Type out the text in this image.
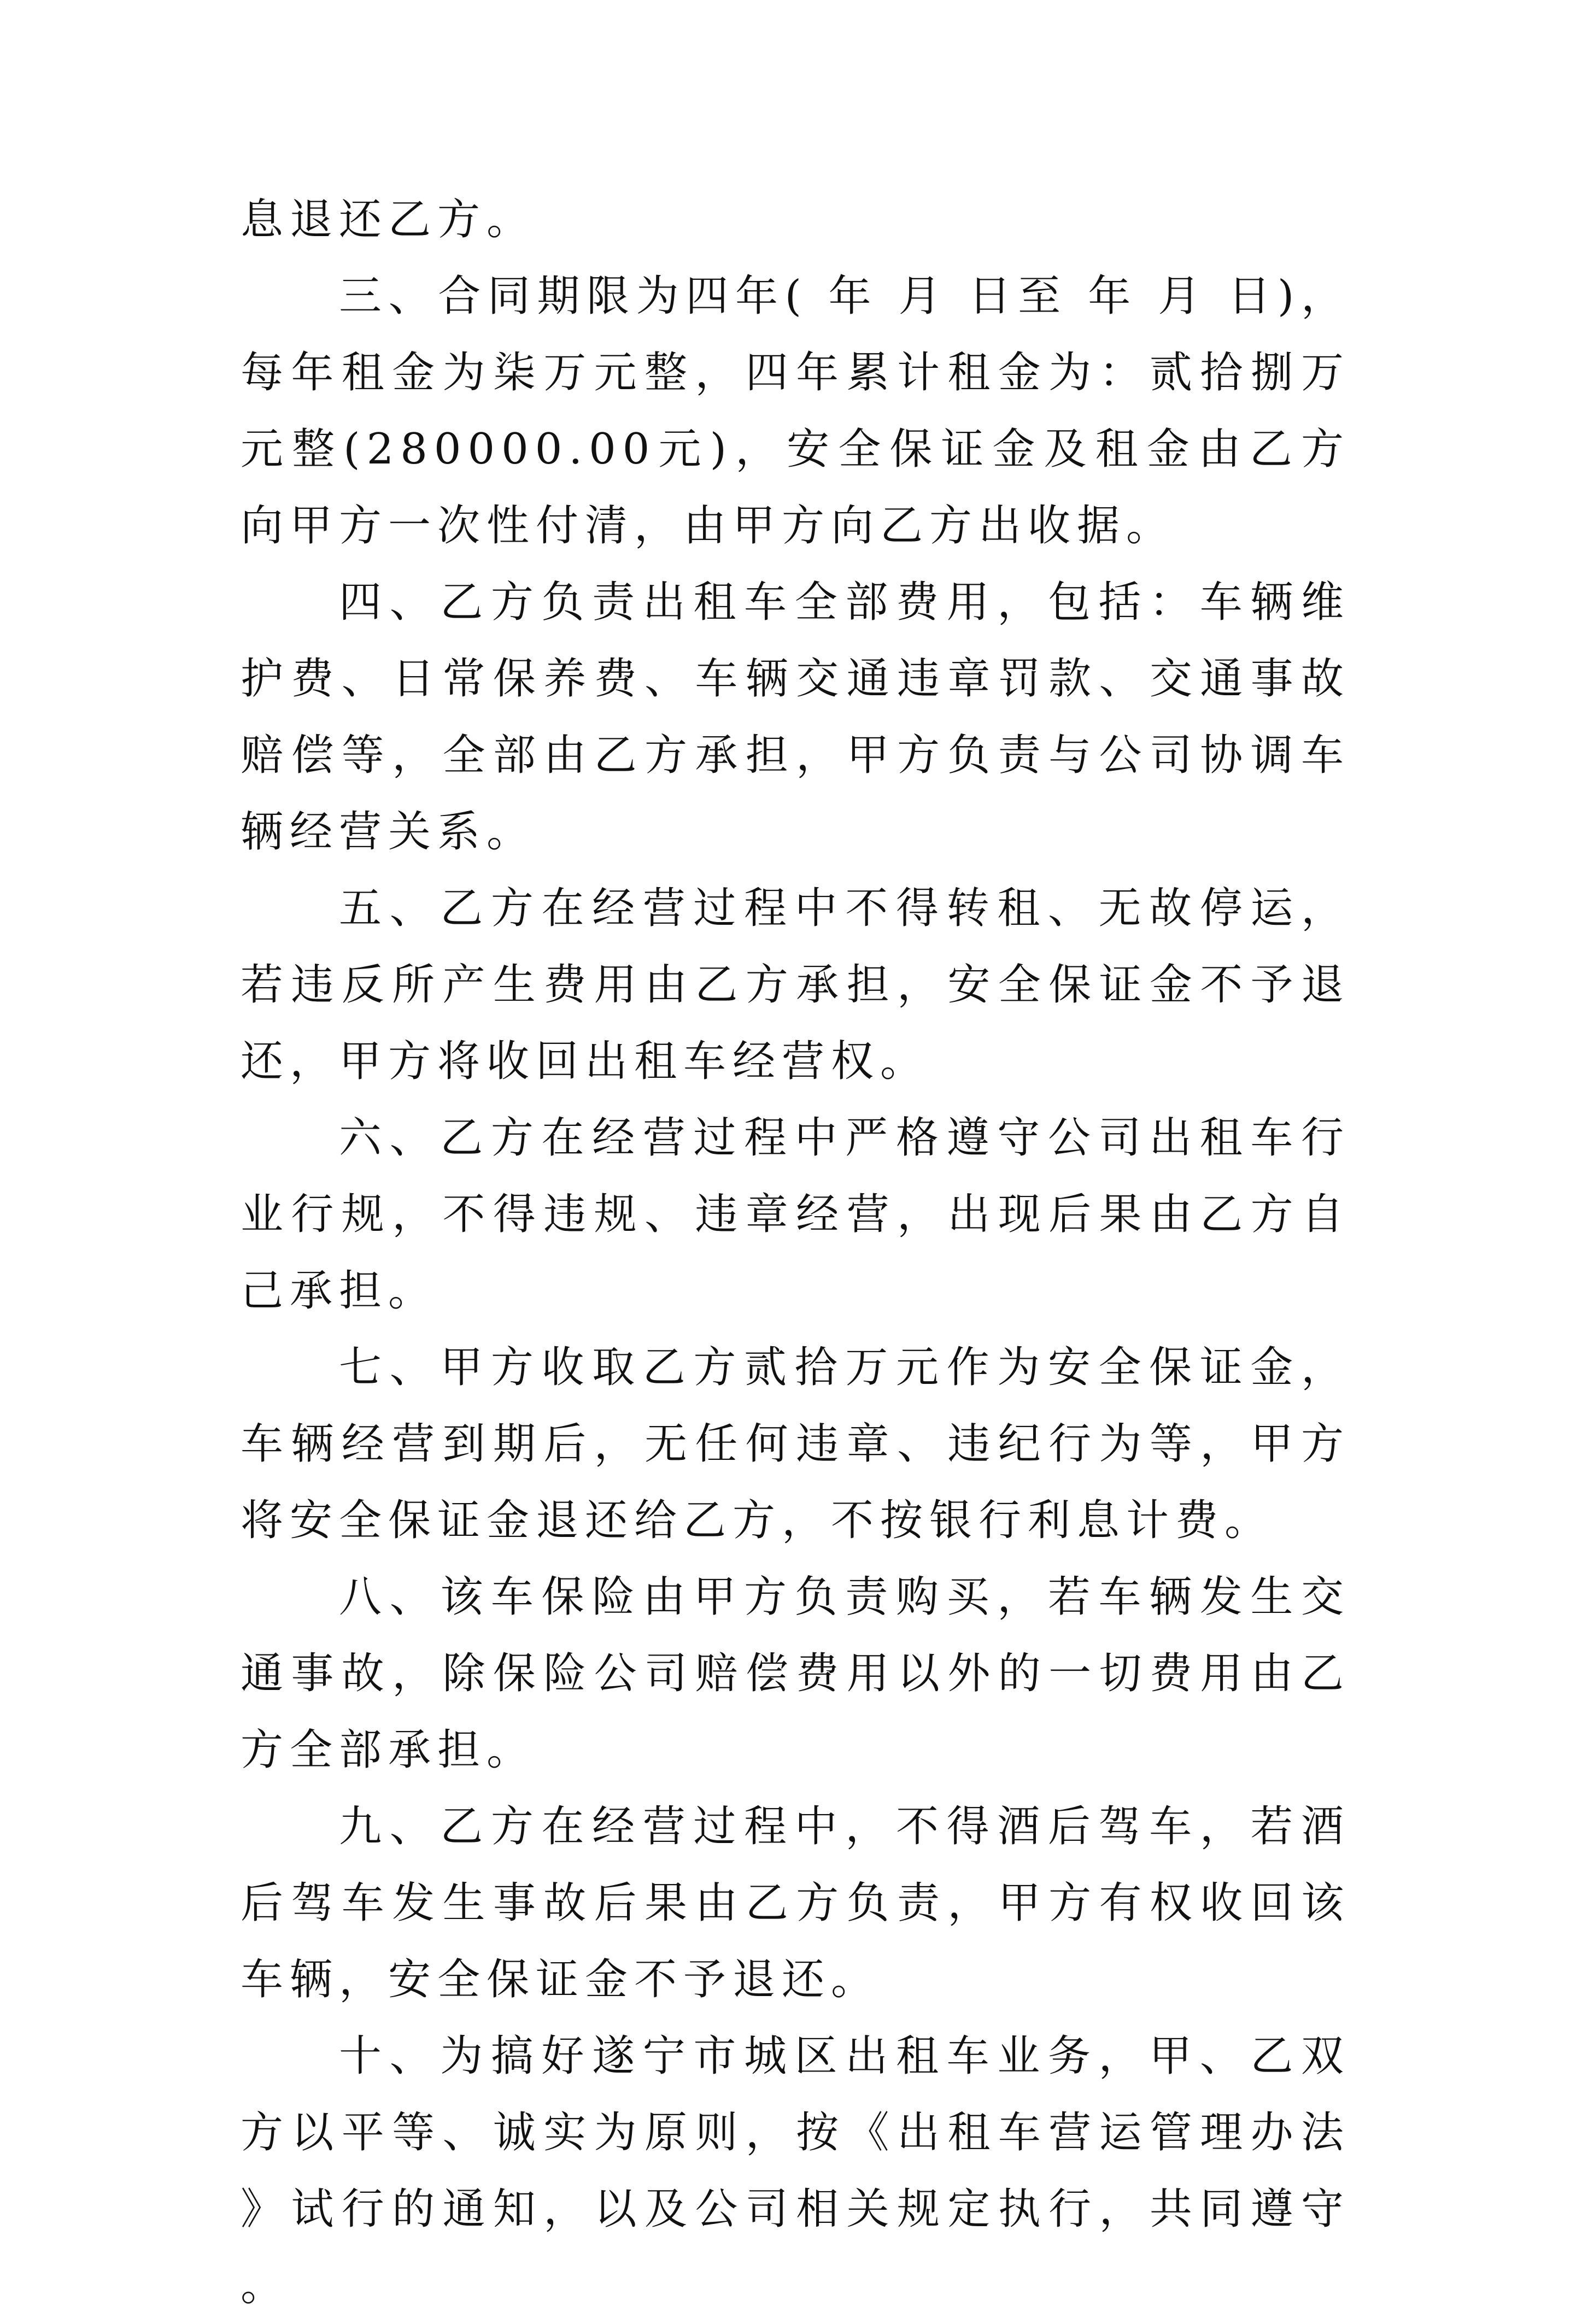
息退还乙方。

三、合同期限为四年( 年 月 日至 年 月 日)，每年租金为柒万元整，四年累计租金为：贰拾捌万元整(280000.00元)，安全保证金及租金由乙方向甲方一次性付清，由甲方向乙方出收据。

四、乙方负责出租车全部费用，包括：车辆维护费、日常保养费、车辆交通违章罚款、交通事故赔偿等，全部由乙方承担，甲方负责与公司协调车辆经营关系。

五、乙方在经营过程中不得转租、无故停运，若违反所产生费用由乙方承担，安全保证金不予退还，甲方将收回出租车经营权。

六、乙方在经营过程中严格遵守公司出租车行业行规，不得违规、违章经营，出现后果由乙方自己承担。

七、甲方收取乙方贰拾万元作为安全保证金，车辆经营到期后，无任何违章、违纪行为等，甲方将安全保证金退还给乙方，不按银行利息计费。

八、该车保险由甲方负责购买，若车辆发生交通事故，除保险公司赔偿费用以外的一切费用由乙方全部承担。

九、乙方在经营过程中，不得酒后驾车，若酒后驾车发生事故后果由乙方负责，甲方有权收回该车辆，安全保证金不予退还。

十、为搞好遂宁市城区出租车业务，甲、乙双方以平等、诚实为原则，按《出租车营运管理办法》试行的通知，以及公司相关规定执行，共同遵守。
